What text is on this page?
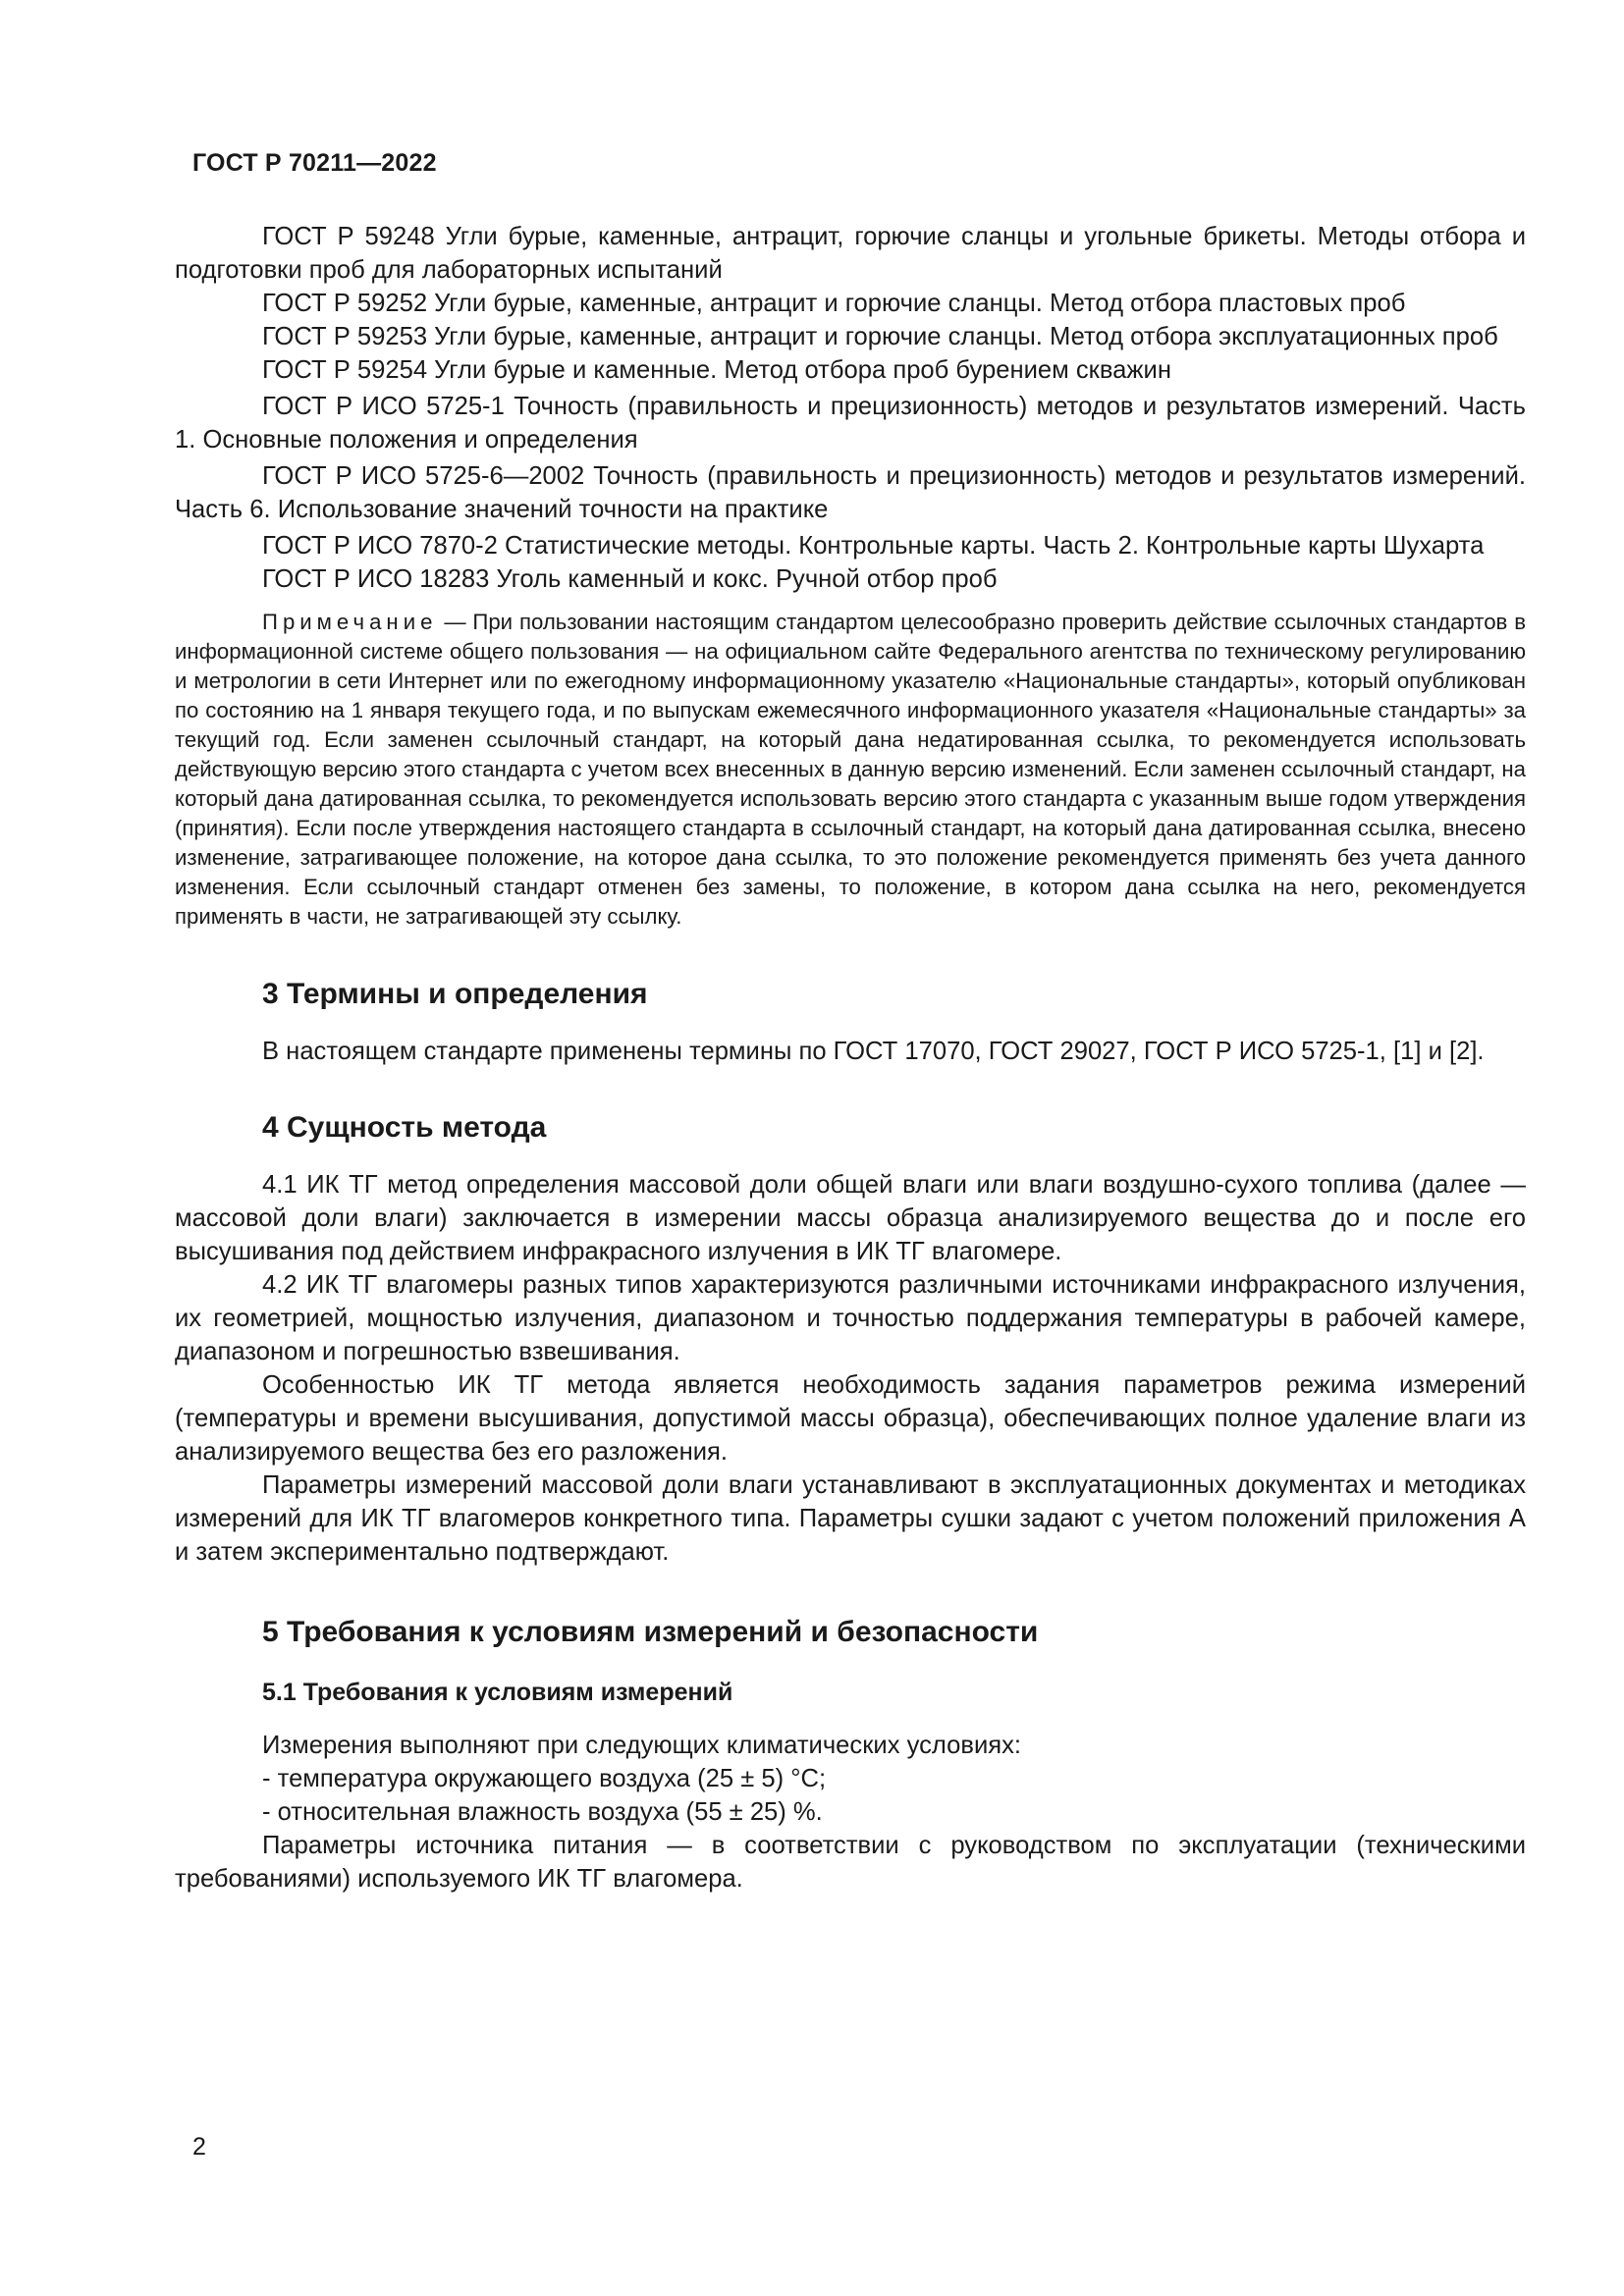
ГОСТ Р 70211—2022

ГОСТ Р 59248 Угли бурые, каменные, антрацит, горючие сланцы и угольные брикеты. Методы отбора и подготовки проб для лабораторных испытаний

ГОСТ Р 59252 Угли бурые, каменные, антрацит и горючие сланцы. Метод отбора пластовых проб

ГОСТ Р 59253 Угли бурые, каменные, антрацит и горючие сланцы. Метод отбора эксплуатационных проб

ГОСТ Р 59254 Угли бурые и каменные. Метод отбора проб бурением скважин

ГОСТ Р ИСО 5725-1 Точность (правильность и прецизионность) методов и результатов измерений. Часть 1. Основные положения и определения

ГОСТ Р ИСО 5725-6—2002 Точность (правильность и прецизионность) методов и результатов измерений. Часть 6. Использование значений точности на практике

ГОСТ Р ИСО 7870-2 Статистические методы. Контрольные карты. Часть 2. Контрольные карты Шухарта

ГОСТ Р ИСО 18283 Уголь каменный и кокс. Ручной отбор проб

Примечание — При пользовании настоящим стандартом целесообразно проверить действие ссылочных стандартов в информационной системе общего пользования — на официальном сайте Федерального агентства по техническому регулированию и метрологии в сети Интернет или по ежегодному информационному указателю «Национальные стандарты», который опубликован по состоянию на 1 января текущего года, и по выпускам ежемесячного информационного указателя «Национальные стандарты» за текущий год. Если заменен ссылочный стандарт, на который дана недатированная ссылка, то рекомендуется использовать действующую версию этого стандарта с учетом всех внесенных в данную версию изменений. Если заменен ссылочный стандарт, на который дана датированная ссылка, то рекомендуется использовать версию этого стандарта с указанным выше годом утверждения (принятия). Если после утверждения настоящего стандарта в ссылочный стандарт, на который дана датированная ссылка, внесено изменение, затрагивающее положение, на которое дана ссылка, то это положение рекомендуется применять без учета данного изменения. Если ссылочный стандарт отменен без замены, то положение, в котором дана ссылка на него, рекомендуется применять в части, не затрагивающей эту ссылку.

3 Термины и определения

В настоящем стандарте применены термины по ГОСТ 17070, ГОСТ 29027, ГОСТ Р ИСО 5725-1, [1] и [2].

4 Сущность метода

4.1 ИК ТГ метод определения массовой доли общей влаги или влаги воздушно-сухого топлива (далее — массовой доли влаги) заключается в измерении массы образца анализируемого вещества до и после его высушивания под действием инфракрасного излучения в ИК ТГ влагомере.

4.2 ИК ТГ влагомеры разных типов характеризуются различными источниками инфракрасного излучения, их геометрией, мощностью излучения, диапазоном и точностью поддержания температуры в рабочей камере, диапазоном и погрешностью взвешивания.

Особенностью ИК ТГ метода является необходимость задания параметров режима измерений (температуры и времени высушивания, допустимой массы образца), обеспечивающих полное удаление влаги из анализируемого вещества без его разложения.

Параметры измерений массовой доли влаги устанавливают в эксплуатационных документах и методиках измерений для ИК ТГ влагомеров конкретного типа. Параметры сушки задают с учетом положений приложения А и затем экспериментально подтверждают.

5 Требования к условиям измерений и безопасности
5.1 Требования к условиям измерений

Измерения выполняют при следующих климатических условиях:

- температура окружающего воздуха (25 ± 5) °С;

- относительная влажность воздуха (55 ± 25) %.

Параметры источника питания — в соответствии с руководством по эксплуатации (техническими требованиями) используемого ИК ТГ влагомера.

2
